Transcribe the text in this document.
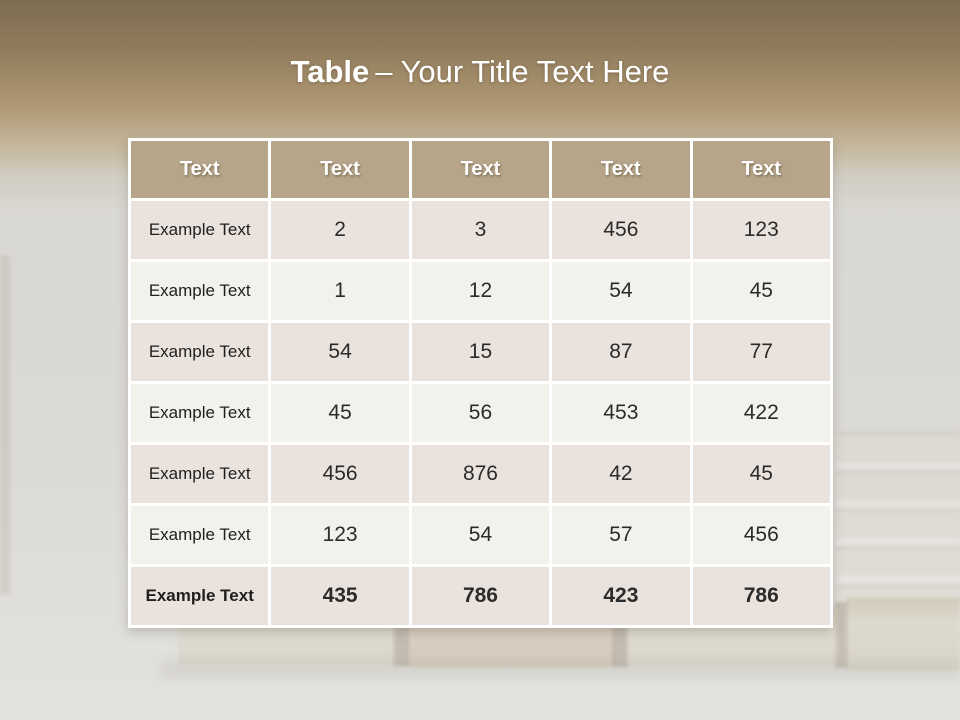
Table – Your Title Text Here
Text	Text	Text	Text	Text
Example Text	2	3	456	123
Example Text	1	12	54	45
Example Text	54	15	87	77
Example Text	45	56	453	422
Example Text	456	876	42	45
Example Text	123	54	57	456
Example Text	435	786	423	786
